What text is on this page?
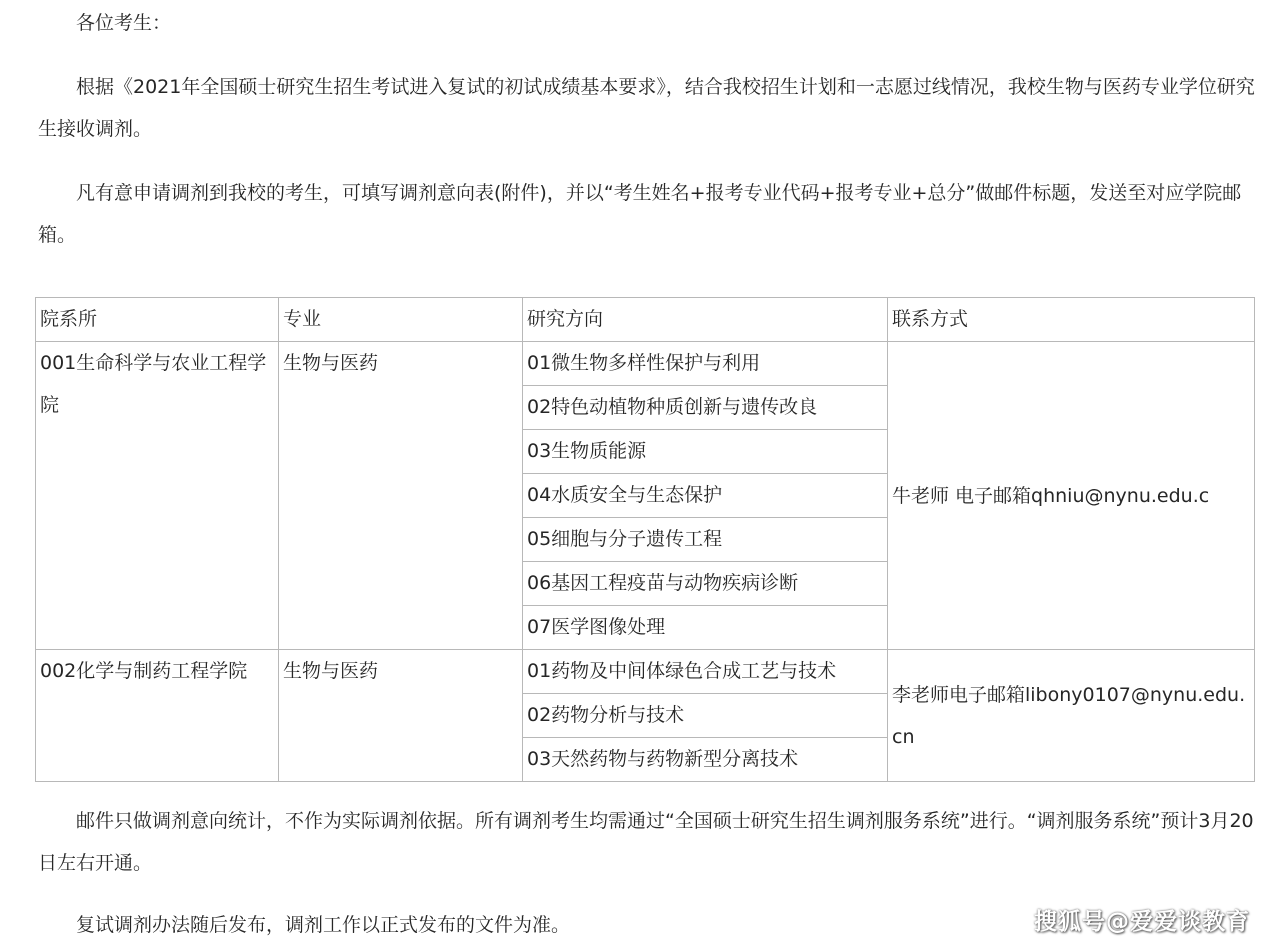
各位考生：

根据《2021年全国硕士研究生招生考试进入复试的初试成绩基本要求》，结合我校招生计划和一志愿过线情况，我校生物与医药专业学位研究生接收调剂。

凡有意申请调剂到我校的考生，可填写调剂意向表(附件)，并以“考生姓名+报考专业代码+报考专业+总分”做邮件标题，发送至对应学院邮箱。

院系所	专业	研究方向	联系方式
001生命科学与农业工程学院	生物与医药	01微生物多样性保护与利用	牛老师 电子邮箱qhniu@nynu.edu.c
		02特色动植物种质创新与遗传改良	
		03生物质能源	
		04水质安全与生态保护	
		05细胞与分子遗传工程	
		06基因工程疫苗与动物疾病诊断	
		07医学图像处理	
002化学与制药工程学院	生物与医药	01药物及中间体绿色合成工艺与技术	李老师电子邮箱libony0107@nynu.edu.cn
		02药物分析与技术	
		03天然药物与药物新型分离技术	

邮件只做调剂意向统计，不作为实际调剂依据。所有调剂考生均需通过“全国硕士研究生招生调剂服务系统”进行。“调剂服务系统”预计3月20日左右开通。

复试调剂办法随后发布，调剂工作以正式发布的文件为准。	搜狐号@爱爱谈教育
